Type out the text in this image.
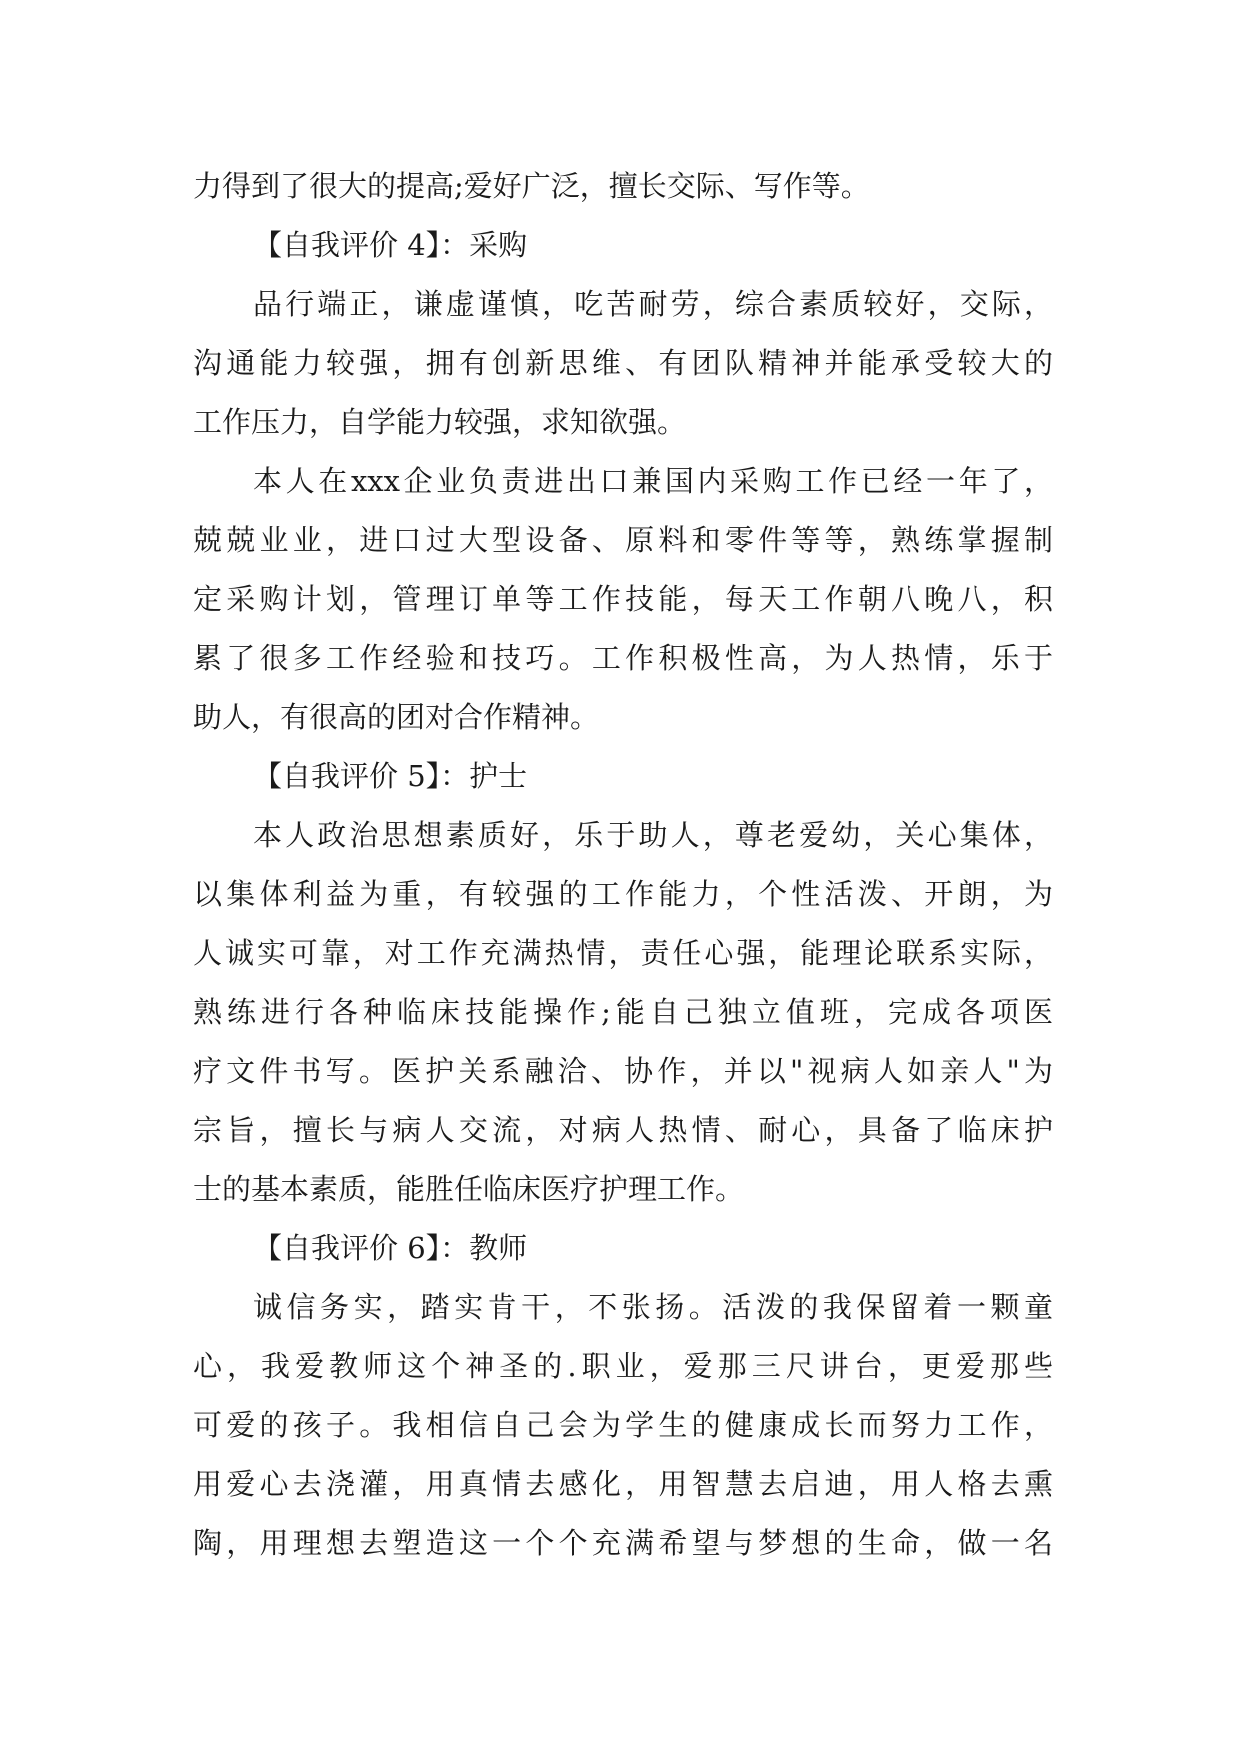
力得到了很大的提高;爱好广泛，擅长交际、写作等。
【自我评价 4】：采购
品行端正，谦虚谨慎，吃苦耐劳，综合素质较好，交际，
沟通能力较强，拥有创新思维、有团队精神并能承受较大的
工作压力，自学能力较强，求知欲强。
本人在xxx企业负责进出口兼国内采购工作已经一年了，
兢兢业业，进口过大型设备、原料和零件等等，熟练掌握制
定采购计划，管理订单等工作技能，每天工作朝八晚八，积
累了很多工作经验和技巧。工作积极性高，为人热情，乐于
助人，有很高的团对合作精神。
【自我评价 5】：护士
本人政治思想素质好，乐于助人，尊老爱幼，关心集体，
以集体利益为重，有较强的工作能力，个性活泼、开朗，为
人诚实可靠，对工作充满热情，责任心强，能理论联系实际，
熟练进行各种临床技能操作;能自己独立值班，完成各项医
疗文件书写。医护关系融洽、协作，并以"视病人如亲人"为
宗旨，擅长与病人交流，对病人热情、耐心，具备了临床护
士的基本素质，能胜任临床医疗护理工作。
【自我评价 6】：教师
诚信务实，踏实肯干，不张扬。活泼的我保留着一颗童
心，我爱教师这个神圣的.职业，爱那三尺讲台，更爱那些
可爱的孩子。我相信自己会为学生的健康成长而努力工作，
用爱心去浇灌，用真情去感化，用智慧去启迪，用人格去熏
陶，用理想去塑造这一个个充满希望与梦想的生命，做一名
